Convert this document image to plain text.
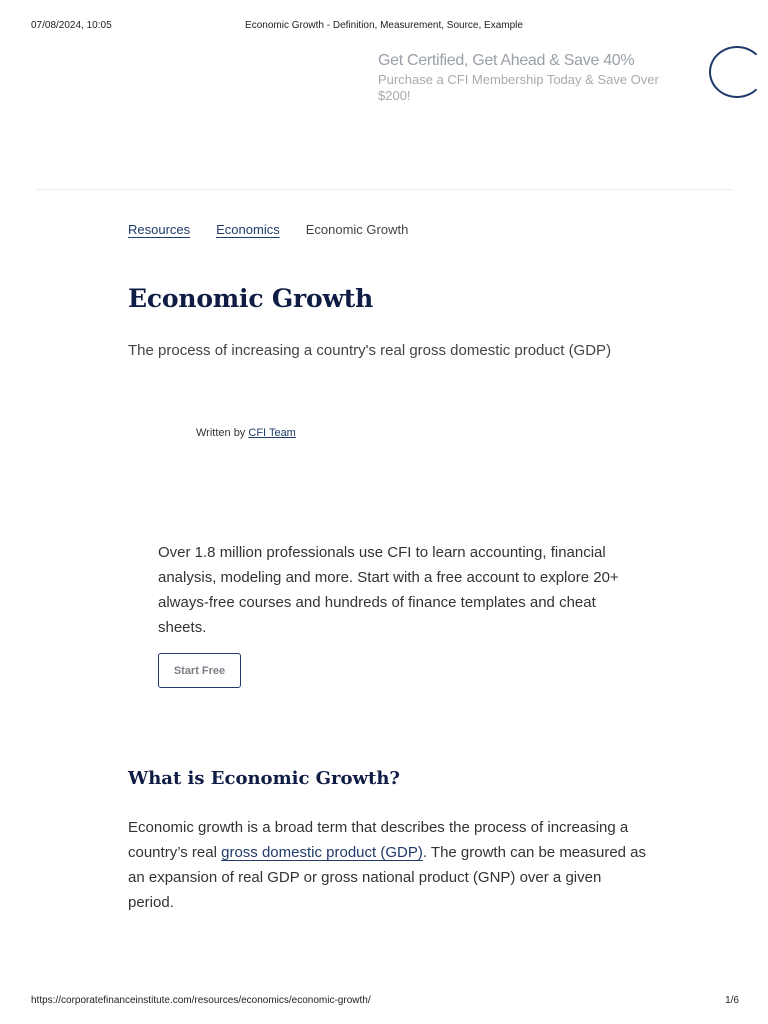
07/08/2024, 10:05	Economic Growth - Definition, Measurement, Source, Example
Get Certified, Get Ahead & Save 40%
Purchase a CFI Membership Today & Save Over $200!
Resources Economics Economic Growth
Economic Growth

The process of increasing a country's real gross domestic product (GDP)

Written by CFI Team

Over 1.8 million professionals use CFI to learn accounting, financial analysis, modeling and more. Start with a free account to explore 20+ always-free courses and hundreds of finance templates and cheat sheets.

Start Free
What is Economic Growth?

Economic growth is a broad term that describes the process of increasing a country’s real gross domestic product (GDP). The growth can be measured as an expansion of real GDP or gross national product (GNP) over a given period.

https://corporatefinanceinstitute.com/resources/economics/economic-growth/	1/6
